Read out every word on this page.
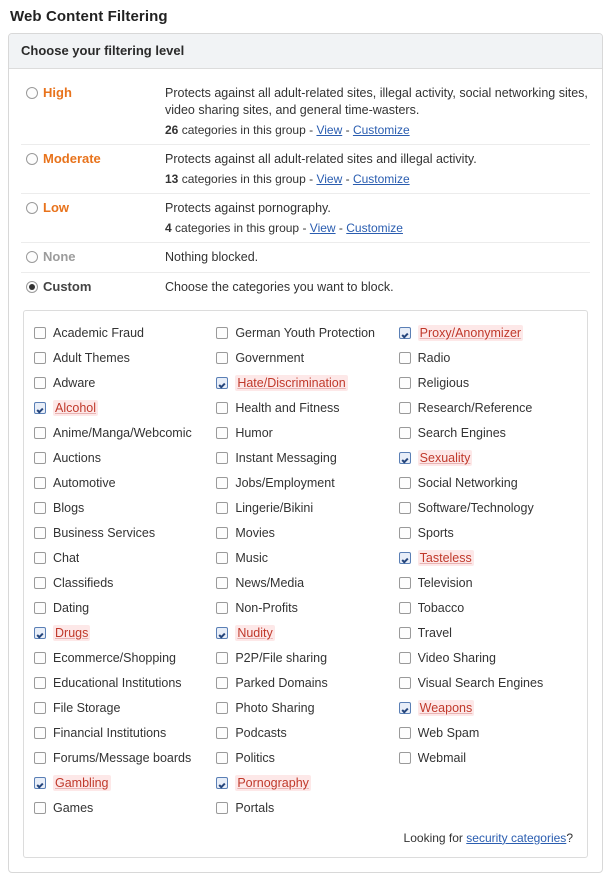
Web Content Filtering
Choose your filtering level
High	Protects against all adult-related sites, illegal activity, social networking sites, video sharing sites, and general time-wasters.
26 categories in this group - View - Customize
Moderate	Protects against all adult-related sites and illegal activity.
13 categories in this group - View - Customize
Low	Protects against pornography.
4 categories in this group - View - Customize
None	Nothing blocked.
Custom	Choose the categories you want to block.
Academic Fraud	German Youth Protection	Proxy/Anonymizer
Adult Themes	Government	Radio
Adware	Hate/Discrimination	Religious
Alcohol	Health and Fitness	Research/Reference
Anime/Manga/Webcomic	Humor	Search Engines
Auctions	Instant Messaging	Sexuality
Automotive	Jobs/Employment	Social Networking
Blogs	Lingerie/Bikini	Software/Technology
Business Services	Movies	Sports
Chat	Music	Tasteless
Classifieds	News/Media	Television
Dating	Non-Profits	Tobacco
Drugs	Nudity	Travel
Ecommerce/Shopping	P2P/File sharing	Video Sharing
Educational Institutions	Parked Domains	Visual Search Engines
File Storage	Photo Sharing	Weapons
Financial Institutions	Podcasts	Web Spam
Forums/Message boards	Politics	Webmail
Gambling	Pornography
Games	Portals
Looking for security categories?
